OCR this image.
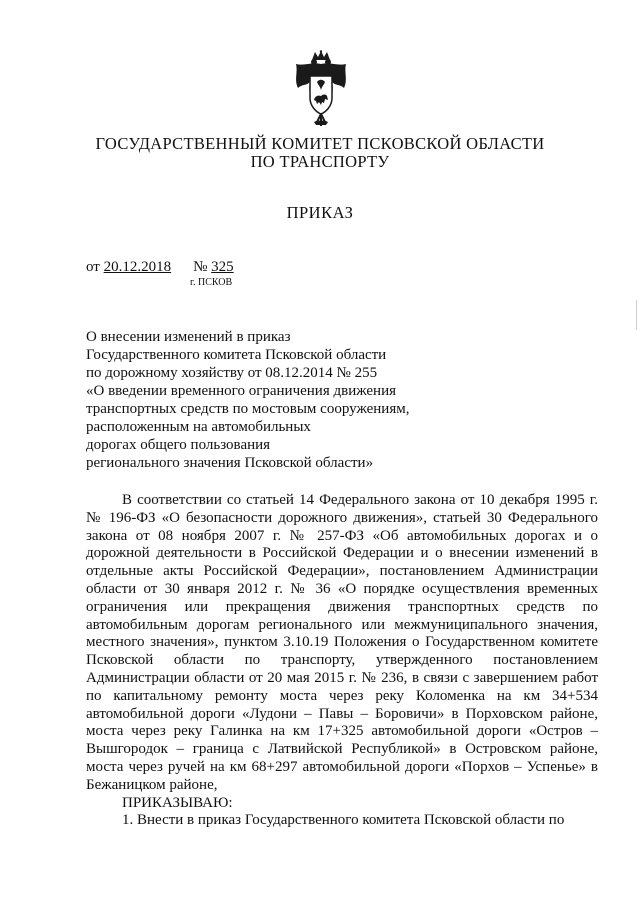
ГОСУДАРСТВЕННЫЙ КОМИТЕТ ПСКОВСКОЙ ОБЛАСТИ
ПО ТРАНСПОРТУ
ПРИКАЗ
от 20.12.2018 № 325
г. ПСКОВ
О внесении изменений в приказ
Государственного комитета Псковской области
по дорожному хозяйству от 08.12.2014 № 255
«О введении временного ограничения движения
транспортных средств по мостовым сооружениям,
расположенным на автомобильных
дорогах общего пользования
регионального значения Псковской области»

В соответствии со статьей 14 Федерального закона от 10 декабря 1995 г. № 196-ФЗ «О безопасности дорожного движения», статьей 30 Федерального закона от 08 ноября 2007 г. № 257-ФЗ «Об автомобильных дорогах и о дорожной деятельности в Российской Федерации и о внесении изменений в отдельные акты Российской Федерации», постановлением Администрации области от 30 января 2012 г. № 36 «О порядке осуществления временных ограничения или прекращения движения транспортных средств по автомобильным дорогам регионального или межмуниципального значения, местного значения», пунктом 3.10.19 Положения о Государственном комитете Псковской области по транспорту, утвержденного постановлением Администрации области от 20 мая 2015 г. № 236, в связи с завершением работ по капитальному ремонту моста через реку Коломенка на км 34+534 автомобильной дороги «Лудони – Павы – Боровичи» в Порховском районе, моста через реку Галинка на км 17+325 автомобильной дороги «Остров – Вышгородок – граница с Латвийской Республикой» в Островском районе, моста через ручей на км 68+297 автомобильной дороги «Порхов – Успенье» в Бежаницком районе,

ПРИКАЗЫВАЮ:

1. Внести в приказ Государственного комитета Псковской области по
